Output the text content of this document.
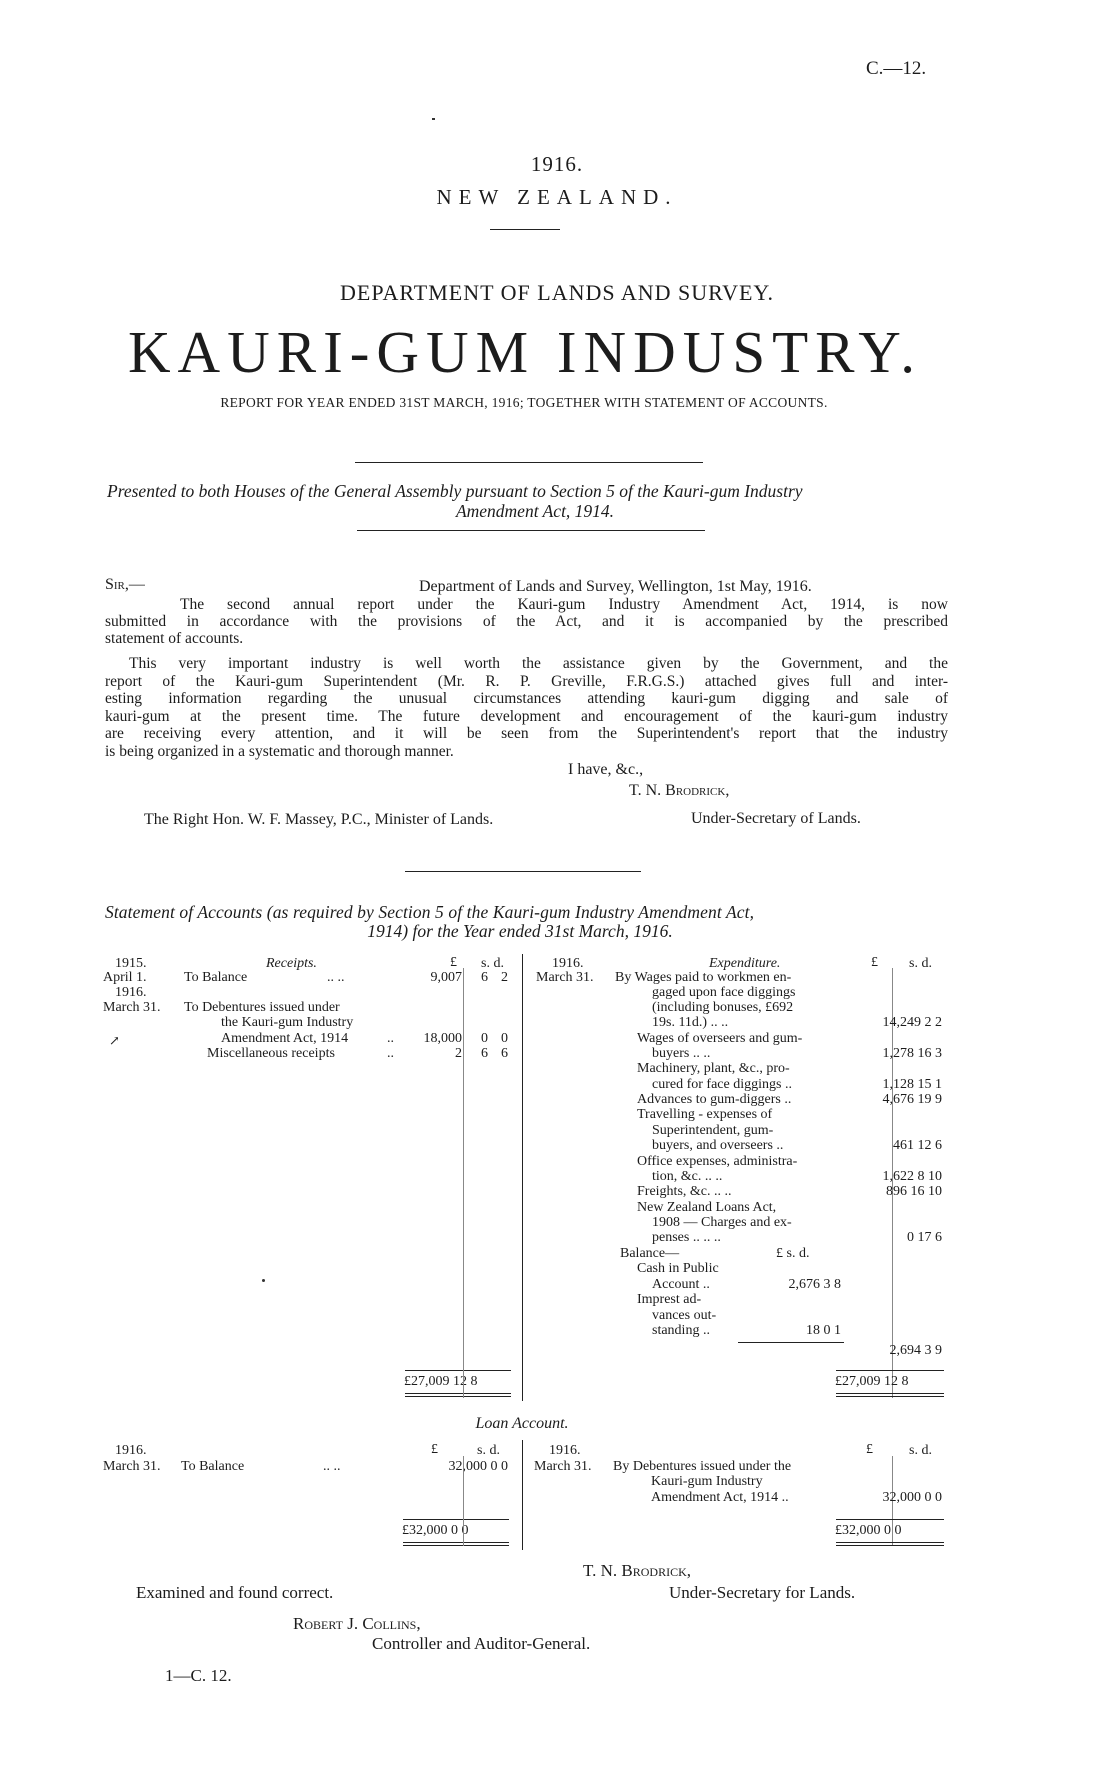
C.—12.
1916.
NEW ZEALAND.
DEPARTMENT OF LANDS AND SURVEY.
KAURI-GUM INDUSTRY.
REPORT FOR YEAR ENDED 31ST MARCH, 1916; TOGETHER WITH STATEMENT OF ACCOUNTS.
Presented to both Houses of the General Assembly pursuant to Section 5 of the Kauri-gum Industry
Amendment Act, 1914.
Sir,—	Department of Lands and Survey, Wellington, 1st May, 1916.
The second annual report under the Kauri-gum Industry Amendment Act, 1914, is now
submitted in accordance with the provisions of the Act, and it is accompanied by the prescribed
statement of accounts.
This very important industry is well worth the assistance given by the Government, and the
report of the Kauri-gum Superintendent (Mr. R. P. Greville, F.R.G.S.) attached gives full and inter-
esting information regarding the unusual circumstances attending kauri-gum digging and sale of
kauri-gum at the present time. The future development and encouragement of the kauri-gum industry
are receiving every attention, and it will be seen from the Superintendent's report that the industry
is being organized in a systematic and thorough manner.
I have, &c.,
T. N. Brodrick,
The Right Hon. W. F. Massey, P.C., Minister of Lands.	Under-Secretary of Lands.
Statement of Accounts (as required by Section 5 of the Kauri-gum Industry Amendment Act,
1914) for the Year ended 31st March, 1916.
1915.	Receipts.	£ s. d.
April 1.	To Balance	.. ..	9,007	6 2
1916.
March 31. To Debentures issued under
the Kauri-gum Industry
Amendment Act, 1914	..	18,000	0 0
Miscellaneous receipts	..	2	6 6
↗
£27,009 12 8
1916.	Expenditure.	£ s. d.
March 31. By Wages paid to workmen en-
gaged upon face diggings
(including bonuses, £692
19s. 11d.) .. ..	14,249 2 2
Wages of overseers and gum-
buyers .. ..	1,278 16 3
Machinery, plant, &c., pro-
cured for face diggings ..	1,128 15 1
Advances to gum-diggers ..	4,676 19 9
Travelling - expenses of
Superintendent, gum-
buyers, and overseers ..	461 12 6
Office expenses, administra-
tion, &c. .. ..	1,622 8 10
Freights, &c. .. ..	896 16 10
New Zealand Loans Act,
1908 — Charges and ex-
penses .. .. ..	0 17 6
Balance—	£ s. d.
Cash in Public
Account ..	2,676 3 8
Imprest ad-
vances out-
standing ..	18 0 1
2,694 3 9
£27,009 12 8
Loan Account.
1916.	£	s. d.
March 31. To Balance	.. ..	32,000 0 0
£32,000 0 0
1916.	£	s. d.
March 31. By Debentures issued under the
Kauri-gum Industry
Amendment Act, 1914 ..	32,000 0 0
£32,000 0 0
T. N. Brodrick,
Examined and found correct.	Under-Secretary for Lands.
Robert J. Collins,
Controller and Auditor-General.
1—C. 12.
